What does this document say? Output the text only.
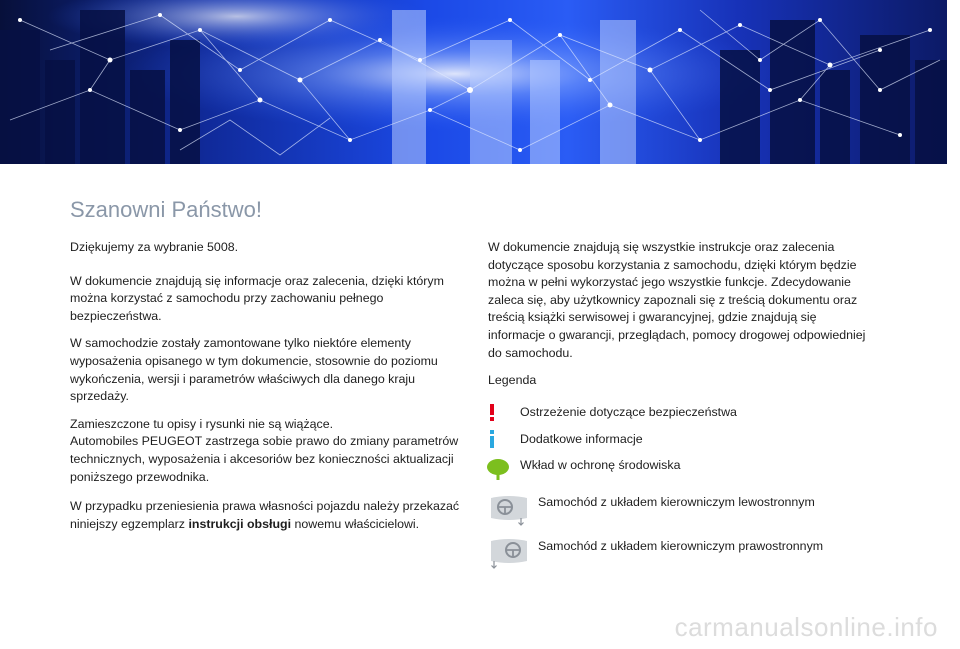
Szanowni Państwo!

Dziękujemy za wybranie 5008.

W dokumencie znajdują się informacje oraz zalecenia, dzięki którym można korzystać z samochodu przy zachowaniu pełnego bezpieczeństwa.

W samochodzie zostały zamontowane tylko niektóre elementy wyposażenia opisanego w tym dokumencie, stosownie do poziomu wykończenia, wersji i parametrów właściwych dla danego kraju sprzedaży.

Zamieszczone tu opisy i rysunki nie są wiążące.
Automobiles PEUGEOT zastrzega sobie prawo do zmiany parametrów technicznych, wyposażenia i akcesoriów bez konieczności aktualizacji poniższego przewodnika.

W przypadku przeniesienia prawa własności pojazdu należy przekazać niniejszy egzemplarz instrukcji obsługi nowemu właścicielowi.

W dokumencie znajdują się wszystkie instrukcje oraz zalecenia dotyczące sposobu korzystania z samochodu, dzięki którym będzie można w pełni wykorzystać jego wszystkie funkcje. Zdecydowanie zaleca się, aby użytkownicy zapoznali się z treścią dokumentu oraz treścią książki serwisowej i gwarancyjnej, gdzie znajdują się informacje o gwarancji, przeglądach, pomocy drogowej odpowiedniej do samochodu.

Legenda
Ostrzeżenie dotyczące bezpieczeństwa
Dodatkowe informacje
Wkład w ochronę środowiska
Samochód z układem kierowniczym lewostronnym
Samochód z układem kierowniczym prawostronnym
carmanualsonline.info
